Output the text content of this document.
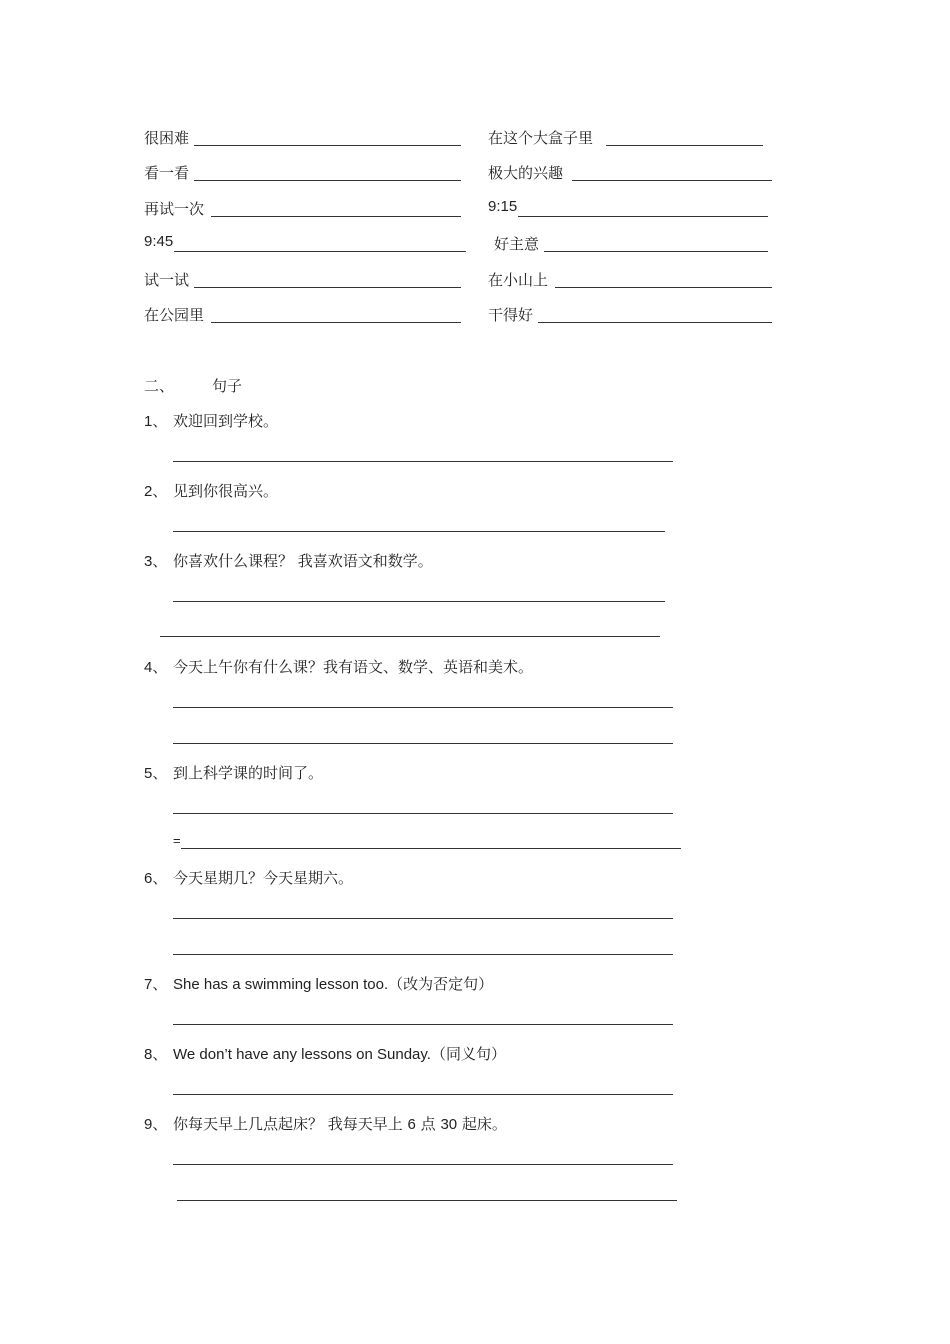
很困难
看一看
再试一次
9:45
试一试
在公园里
在这个大盒子里
极大的兴趣
9:15
好主意
在小山上
干得好
二、	句子
1、 欢迎回到学校。
2、 见到你很高兴。
3、 你喜欢什么课程？ 我喜欢语文和数学。
4、 今天上午你有什么课？我有语文、数学、英语和美术。
5、 到上科学课的时间了。
=
6、 今天星期几？今天星期六。
7、 She has a swimming lesson too.（改为否定句）
8、 We don’t have any lessons on Sunday.（同义句）
9、 你每天早上几点起床？ 我每天早上 6 点 30 起床。
